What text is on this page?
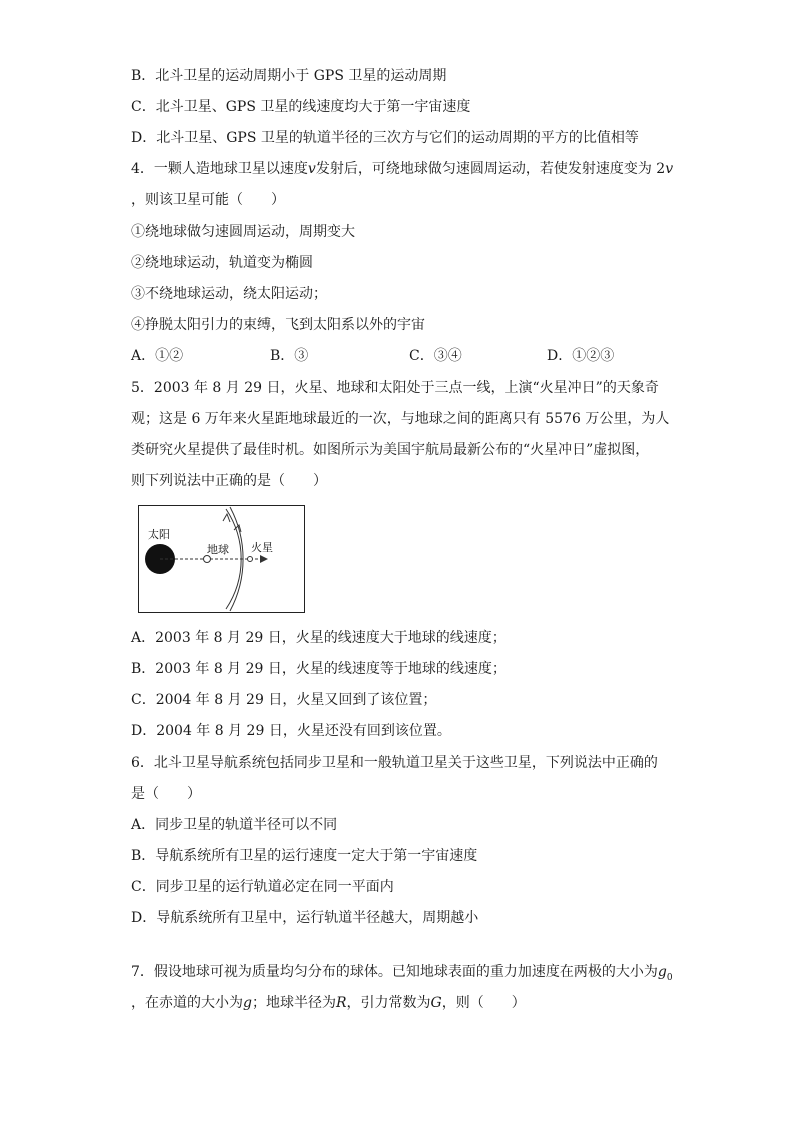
B．北斗卫星的运动周期小于 GPS 卫星的运动周期
C．北斗卫星、GPS 卫星的线速度均大于第一宇宙速度
D．北斗卫星、GPS 卫星的轨道半径的三次方与它们的运动周期的平方的比值相等
4．一颗人造地球卫星以速度v发射后，可绕地球做匀速圆周运动，若使发射速度变为 2v
，则该卫星可能（　　）
①绕地球做匀速圆周运动，周期变大
②绕地球运动，轨道变为椭圆
③不绕地球运动，绕太阳运动；
④挣脱太阳引力的束缚，飞到太阳系以外的宇宙
A．①②	B．③	C．③④	D．①②③
5．2003 年 8 月 29 日，火星、地球和太阳处于三点一线，上演“火星冲日”的天象奇
观；这是 6 万年来火星距地球最近的一次，与地球之间的距离只有 5576 万公里，为人
类研究火星提供了最佳时机。如图所示为美国宇航局最新公布的“火星冲日”虚拟图，
则下列说法中正确的是（　　）
太阳
地球 火星
A．2003 年 8 月 29 日，火星的线速度大于地球的线速度；
B．2003 年 8 月 29 日，火星的线速度等于地球的线速度；
C．2004 年 8 月 29 日，火星又回到了该位置；
D．2004 年 8 月 29 日，火星还没有回到该位置。
6．北斗卫星导航系统包括同步卫星和一般轨道卫星关于这些卫星，下列说法中正确的
是（　　）
A．同步卫星的轨道半径可以不同
B．导航系统所有卫星的运行速度一定大于第一宇宙速度
C．同步卫星的运行轨道必定在同一平面内
D．导航系统所有卫星中，运行轨道半径越大，周期越小
7．假设地球可视为质量均匀分布的球体。已知地球表面的重力加速度在两极的大小为$g_0$
，在赤道的大小为g；地球半径为R，引力常数为G，则（　　）
